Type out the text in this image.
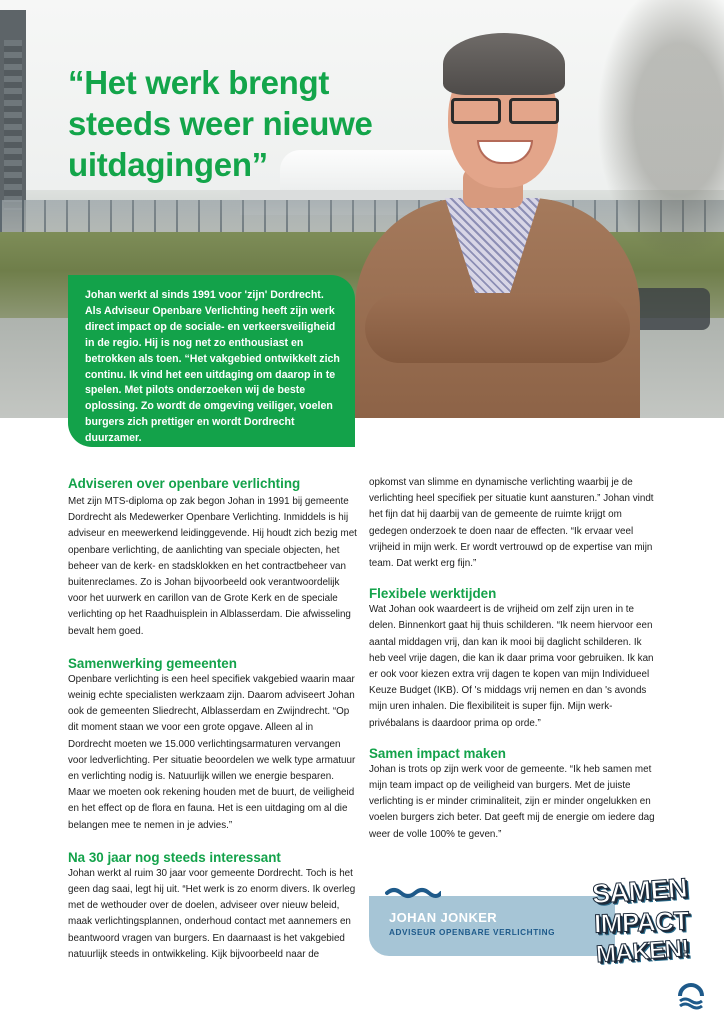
“Het werk brengt steeds weer nieuwe uitdagingen”

Johan werkt al sinds 1991 voor 'zijn' Dordrecht. Als Adviseur Openbare Verlichting heeft zijn werk direct impact op de sociale- en verkeersveiligheid in de regio. Hij is nog net zo enthousiast en betrokken als toen. “Het vakgebied ontwikkelt zich continu. Ik vind het een uitdaging om daarop in te spelen. Met pilots onderzoeken wij de beste oplossing. Zo wordt de omgeving veiliger, voelen burgers zich prettiger en wordt Dordrecht duurzamer.

Adviseren over openbare verlichting

Met zijn MTS-diploma op zak begon Johan in 1991 bij gemeente Dordrecht als Medewerker Openbare Verlichting. Inmiddels is hij adviseur en meewerkend leidinggevende. Hij houdt zich bezig met openbare verlichting, de aanlichting van speciale objecten, het beheer van de kerk- en stadsklokken en het contractbeheer van buitenreclames. Zo is Johan bijvoorbeeld ook verantwoordelijk voor het uurwerk en carillon van de Grote Kerk en de speciale verlichting op het Raadhuisplein in Alblasserdam. Die afwisseling bevalt hem goed.

Samenwerking gemeenten

Openbare verlichting is een heel specifiek vakgebied waarin maar weinig echte specialisten werkzaam zijn. Daarom adviseert Johan ook de gemeenten Sliedrecht, Alblasserdam en Zwijndrecht. “Op dit moment staan we voor een grote opgave. Alleen al in Dordrecht moeten we 15.000 verlichtingsarmaturen vervangen voor ledverlichting. Per situatie beoordelen we welk type armatuur en verlichting nodig is. Natuurlijk willen we energie besparen. Maar we moeten ook rekening houden met de buurt, de veiligheid en het effect op de flora en fauna. Het is een uitdaging om al die belangen mee te nemen in je advies.”

Na 30 jaar nog steeds interessant

Johan werkt al ruim 30 jaar voor gemeente Dordrecht. Toch is het geen dag saai, legt hij uit. “Het werk is zo enorm divers. Ik overleg met de wethouder over de doelen, adviseer over nieuw beleid, maak verlichtingsplannen, onderhoud contact met aannemers en beantwoord vragen van burgers. En daarnaast is het vakgebied natuurlijk steeds in ontwikkeling. Kijk bijvoorbeeld naar de

opkomst van slimme en dynamische verlichting waarbij je de verlichting heel specifiek per situatie kunt aansturen.” Johan vindt het fijn dat hij daarbij van de gemeente de ruimte krijgt om gedegen onderzoek te doen naar de effecten. “Ik ervaar veel vrijheid in mijn werk. Er wordt vertrouwd op de expertise van mijn team. Dat werkt erg fijn.”

Flexibele werktijden

Wat Johan ook waardeert is de vrijheid om zelf zijn uren in te delen. Binnenkort gaat hij thuis schilderen. “Ik neem hiervoor een aantal middagen vrij, dan kan ik mooi bij daglicht schilderen. Ik heb veel vrije dagen, die kan ik daar prima voor gebruiken. Ik kan er ook voor kiezen extra vrij dagen te kopen van mijn Individueel Keuze Budget (IKB). Of 's middags vrij nemen en dan 's avonds mijn uren inhalen. Die flexibiliteit is super fijn. Mijn werk-privébalans is daardoor prima op orde.”

Samen impact maken

Johan is trots op zijn werk voor de gemeente. “Ik heb samen met mijn team impact op de veiligheid van burgers. Met de juiste verlichting is er minder criminaliteit, zijn er minder ongelukken en voelen burgers zich beter. Dat geeft mij de energie om iedere dag weer de volle 100% te geven.”

JOHAN JONKER
ADVISEUR OPENBARE VERLICHTING
SAMEN
IMPACT
MAKEN!
